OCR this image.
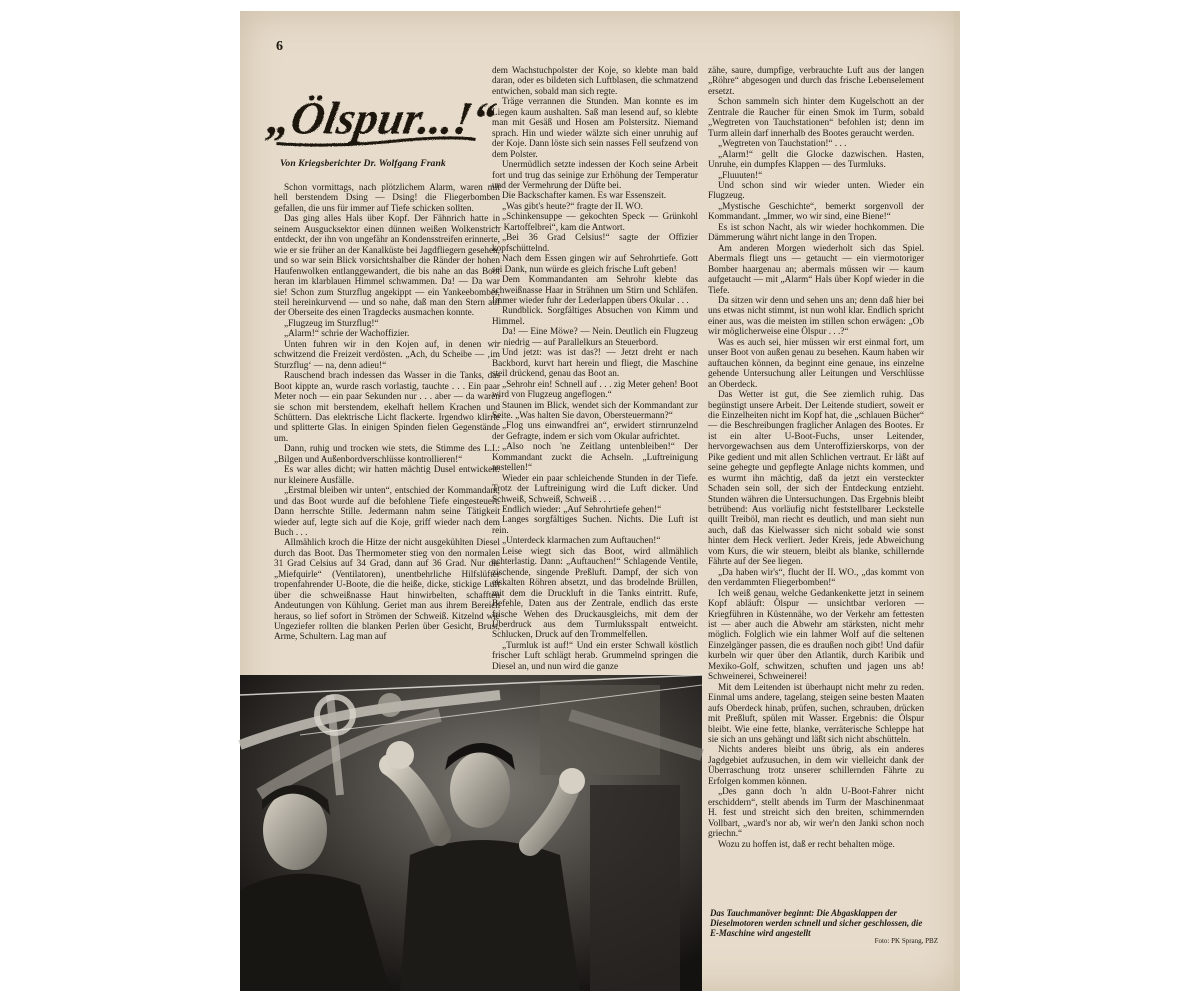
6
„Ölspur...!“
Von Kriegsberichter Dr. Wolfgang Frank

Schon vormittags, nach plötzlichem Alarm, waren mit hell berstendem Dsing — Dsing! die Fliegerbomben gefallen, die uns für immer auf Tiefe schicken sollten.

Das ging alles Hals über Kopf. Der Fähnrich hatte in seinem Ausgucksektor einen dünnen weißen Wolkenstrich entdeckt, der ihn von ungefähr an Kondensstreifen erinnerte, wie er sie früher an der Kanalküste bei Jagdfliegern gesehen, und so war sein Blick vorsichtshalber die Ränder der hohen Haufenwolken entlanggewandert, die bis nahe an das Boot heran im klarblauen Himmel schwammen. Da! — Da war sie! Schon zum Sturzflug angekippt — ein Yankeebomber, steil hereinkurvend — und so nahe, daß man den Stern auf der Oberseite des einen Tragdecks ausmachen konnte.

„Flugzeug im Sturzflug!“

„Alarm!“ schrie der Wachoffizier.

Unten fuhren wir in den Kojen auf, in denen wir schwitzend die Freizeit verdösten. „Ach, du Scheibe — ‚im Sturzflug‘ — na, denn adieu!“

Rauschend brach indessen das Wasser in die Tanks, das Boot kippte an, wurde rasch vorlastig, tauchte . . . Ein paar Meter noch — ein paar Sekunden nur . . . aber — da waren sie schon mit berstendem, ekelhaft hellem Krachen und Schüttern. Das elektrische Licht flackerte. Irgendwo klirrte und splitterte Glas. In einigen Spinden fielen Gegenstände um.

Dann, ruhig und trocken wie stets, die Stimme des L.I.: „Bilgen und Außenbordverschlüsse kontrollieren!“

Es war alles dicht; wir hatten mächtig Dusel entwickelt: nur kleinere Ausfälle.

„Erstmal bleiben wir unten“, entschied der Kommandant, und das Boot wurde auf die befohlene Tiefe eingesteuert. Dann herrschte Stille. Jedermann nahm seine Tätigkeit wieder auf, legte sich auf die Koje, griff wieder nach dem Buch . . .

Allmählich kroch die Hitze der nicht ausgekühlten Diesel durch das Boot. Das Thermometer stieg von den normalen 31 Grad Celsius auf 34 Grad, dann auf 36 Grad. Nur die „Miefquirle“ (Ventilatoren), unentbehrliche Hilfslüfter tropenfahrender U-Boote, die die heiße, dicke, stickige Luft über die schweißnasse Haut hinwirbelten, schafften Andeutungen von Kühlung. Geriet man aus ihrem Bereich heraus, so lief sofort in Strömen der Schweiß. Kitzelnd wie Ungeziefer rollten die blanken Perlen über Gesicht, Brust, Arme, Schultern. Lag man auf

dem Wachstuchpolster der Koje, so klebte man bald daran, oder es bildeten sich Luftblasen, die schmatzend entwichen, sobald man sich regte.

Träge verrannen die Stunden. Man konnte es im Liegen kaum aushalten. Saß man lesend auf, so klebte man mit Gesäß und Hosen am Polstersitz. Niemand sprach. Hin und wieder wälzte sich einer unruhig auf der Koje. Dann löste sich sein nasses Fell seufzend von dem Polster.

Unermüdlich setzte indessen der Koch seine Arbeit fort und trug das seinige zur Erhöhung der Temperatur und der Vermehrung der Düfte bei.

Die Backschafter kamen. Es war Essenszeit.

„Was gibt's heute?“ fragte der II. WO.

„Schinkensuppe — gekochten Speck — Grünkohl — Kartoffelbrei“, kam die Antwort.

„Bei 36 Grad Celsius!“ sagte der Offizier kopfschüttelnd.

Nach dem Essen gingen wir auf Sehrohrtiefe. Gott sei Dank, nun würde es gleich frische Luft geben!

Dem Kommandanten am Sehrohr klebte das schweißnasse Haar in Strähnen um Stirn und Schläfen. Immer wieder fuhr der Lederlappen übers Okular . . .

Rundblick. Sorgfältiges Absuchen von Kimm und Himmel.

Da! — Eine Möwe? — Nein. Deutlich ein Flugzeug — niedrig — auf Parallelkurs an Steuerbord.

Und jetzt: was ist das?! — Jetzt dreht er nach Backbord, kurvt hart herein und fliegt, die Maschine steil drückend, genau das Boot an.

„Sehrohr ein! Schnell auf . . . zig Meter gehen! Boot wird von Flugzeug angeflogen.“

Staunen im Blick, wendet sich der Kommandant zur Seite. „Was halten Sie davon, Obersteuermann?“

„Flog uns einwandfrei an“, erwidert stirnrunzelnd der Gefragte, indem er sich vom Okular aufrichtet.

„Also noch 'ne Zeitlang untenbleiben!“ Der Kommandant zuckt die Achseln. „Luftreinigung anstellen!“

Wieder ein paar schleichende Stunden in der Tiefe. Trotz der Luftreinigung wird die Luft dicker. Und Schweiß, Schweiß, Schweiß . . .

Endlich wieder: „Auf Sehrohrtiefe gehen!“

Langes sorgfältiges Suchen. Nichts. Die Luft ist rein.

„Unterdeck klarmachen zum Auftauchen!“

Leise wiegt sich das Boot, wird allmählich achterlastig. Dann: „Auftauchen!“ Schlagende Ventile, zischende, singende Preßluft. Dampf, der sich von eiskalten Röhren absetzt, und das brodelnde Brüllen, mit dem die Druckluft in die Tanks eintritt. Rufe, Befehle, Daten aus der Zentrale, endlich das erste frische Wehen des Druckausgleichs, mit dem der Überdruck aus dem Turmluksspalt entweicht. Schlucken, Druck auf den Trommelfellen.

„Turmluk ist auf!“ Und ein erster Schwall köstlich frischer Luft schlägt herab. Grummelnd springen die Diesel an, und nun wird die ganze

zähe, saure, dumpfige, verbrauchte Luft aus der langen „Röhre“ abgesogen und durch das frische Lebenselement ersetzt.

Schon sammeln sich hinter dem Kugelschott an der Zentrale die Raucher für einen Smok im Turm, sobald „Wegtreten von Tauchstationen“ befohlen ist; denn im Turm allein darf innerhalb des Bootes geraucht werden.

„Wegtreten von Tauchstation!“ . . .

„Alarm!“ gellt die Glocke dazwischen. Hasten, Unruhe, ein dumpfes Klappen — des Turmluks.

„Fluuuten!“

Und schon sind wir wieder unten. Wieder ein Flugzeug.

„Mystische Geschichte“, bemerkt sorgenvoll der Kommandant. „Immer, wo wir sind, eine Biene!“

Es ist schon Nacht, als wir wieder hochkommen. Die Dämmerung währt nicht lange in den Tropen.

Am anderen Morgen wiederholt sich das Spiel. Abermals fliegt uns — getaucht — ein viermotoriger Bomber haargenau an; abermals müssen wir — kaum aufgetaucht — mit „Alarm“ Hals über Kopf wieder in die Tiefe.

Da sitzen wir denn und sehen uns an; denn daß hier bei uns etwas nicht stimmt, ist nun wohl klar. Endlich spricht einer aus, was die meisten im stillen schon erwägen: „Ob wir möglicherweise eine Ölspur . . .?“

Was es auch sei, hier müssen wir erst einmal fort, um unser Boot von außen genau zu besehen. Kaum haben wir auftauchen können, da beginnt eine genaue, ins einzelne gehende Untersuchung aller Leitungen und Verschlüsse an Oberdeck.

Das Wetter ist gut, die See ziemlich ruhig. Das begünstigt unsere Arbeit. Der Leitende studiert, soweit er die Einzelheiten nicht im Kopf hat, die „schlauen Bücher“ — die Beschreibungen fraglicher Anlagen des Bootes. Er ist ein alter U-Boot-Fuchs, unser Leitender, hervorgewachsen aus dem Unteroffizierskorps, von der Pike gedient und mit allen Schlichen vertraut. Er läßt auf seine gehegte und gepflegte Anlage nichts kommen, und es wurmt ihn mächtig, daß da jetzt ein versteckter Schaden sein soll, der sich der Entdeckung entzieht. Stunden währen die Untersuchungen. Das Ergebnis bleibt betrübend: Aus vorläufig nicht feststellbarer Leckstelle quillt Treiböl, man riecht es deutlich, und man sieht nun auch, daß das Kielwasser sich nicht sobald wie sonst hinter dem Heck verliert. Jeder Kreis, jede Abweichung vom Kurs, die wir steuern, bleibt als blanke, schillernde Fährte auf der See liegen.

„Da haben wir's“, flucht der II. WO., „das kommt von den verdammten Fliegerbomben!“

Ich weiß genau, welche Gedankenkette jetzt in seinem Kopf abläuft: Ölspur — unsichtbar verloren — Kriegführen in Küstennähe, wo der Verkehr am fettesten ist — aber auch die Abwehr am stärksten, nicht mehr möglich. Folglich wie ein lahmer Wolf auf die seltenen Einzelgänger passen, die es draußen noch gibt! Und dafür kurbeln wir quer über den Atlantik, durch Karibik und Mexiko-Golf, schwitzen, schuften und jagen uns ab! Schweinerei, Schweinerei!

Mit dem Leitenden ist überhaupt nicht mehr zu reden. Einmal ums andere, tagelang, steigen seine besten Maaten aufs Oberdeck hinab, prüfen, suchen, schrauben, drücken mit Preßluft, spülen mit Wasser. Ergebnis: die Ölspur bleibt. Wie eine fette, blanke, verräterische Schleppe hat sie sich an uns gehängt und läßt sich nicht abschütteln.

Nichts anderes bleibt uns übrig, als ein anderes Jagdgebiet aufzusuchen, in dem wir vielleicht dank der Überraschung trotz unserer schillernden Fährte zu Erfolgen kommen können.

„Des gann doch 'n aldn U-Boot-Fahrer nicht erschiddern“, stellt abends im Turm der Maschinenmaat H. fest und streicht sich den breiten, schimmernden Vollbart, „ward's nor ab, wir wer'n den Janki schon noch griechn.“

Wozu zu hoffen ist, daß er recht behalten möge.

Das Tauchmanöver beginnt: Die Abgasklappen der Dieselmotoren werden schnell und sicher geschlossen, die E-Maschine wird angestellt
Foto: PK Sprang, PBZ
